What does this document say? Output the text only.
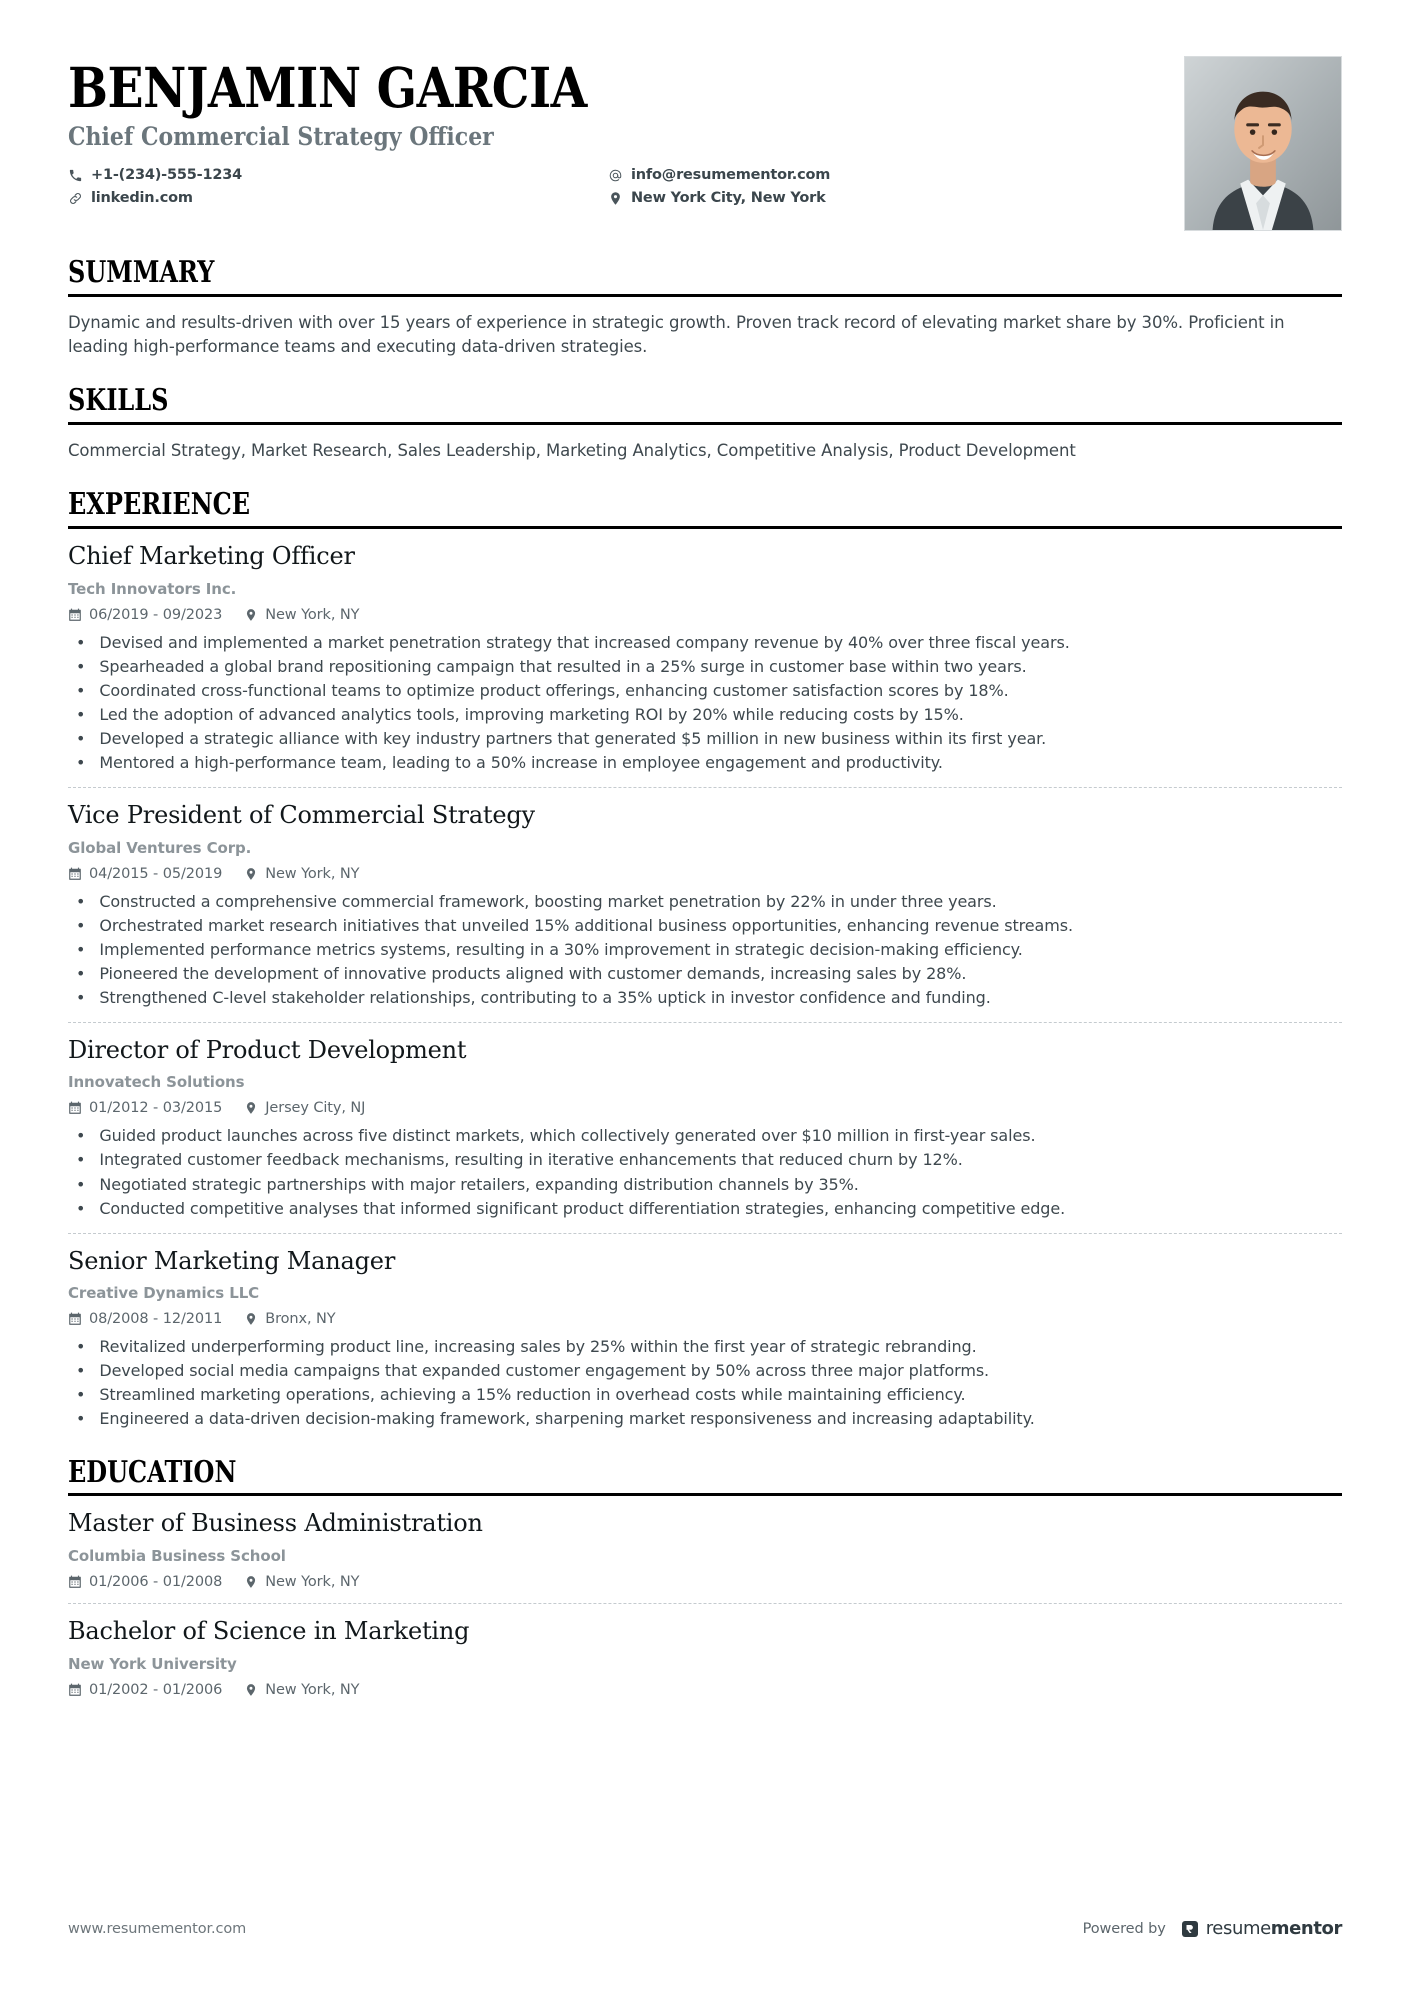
BENJAMIN GARCIA
Chief Commercial Strategy Officer
+1-(234)-555-1234	info@resumementor.com
linkedin.com	New York City, New York
SUMMARY
Dynamic and results-driven with over 15 years of experience in strategic growth. Proven track record of elevating market share by 30%. Proficient in leading high-performance teams and executing data-driven strategies.
SKILLS
Commercial Strategy, Market Research, Sales Leadership, Marketing Analytics, Competitive Analysis, Product Development
EXPERIENCE
Chief Marketing Officer
Tech Innovators Inc.
06/2019 - 09/2023	New York, NY
• Devised and implemented a market penetration strategy that increased company revenue by 40% over three fiscal years.
• Spearheaded a global brand repositioning campaign that resulted in a 25% surge in customer base within two years.
• Coordinated cross-functional teams to optimize product offerings, enhancing customer satisfaction scores by 18%.
• Led the adoption of advanced analytics tools, improving marketing ROI by 20% while reducing costs by 15%.
• Developed a strategic alliance with key industry partners that generated $5 million in new business within its first year.
• Mentored a high-performance team, leading to a 50% increase in employee engagement and productivity.
Vice President of Commercial Strategy
Global Ventures Corp.
04/2015 - 05/2019	New York, NY
• Constructed a comprehensive commercial framework, boosting market penetration by 22% in under three years.
• Orchestrated market research initiatives that unveiled 15% additional business opportunities, enhancing revenue streams.
• Implemented performance metrics systems, resulting in a 30% improvement in strategic decision-making efficiency.
• Pioneered the development of innovative products aligned with customer demands, increasing sales by 28%.
• Strengthened C-level stakeholder relationships, contributing to a 35% uptick in investor confidence and funding.
Director of Product Development
Innovatech Solutions
01/2012 - 03/2015	Jersey City, NJ
• Guided product launches across five distinct markets, which collectively generated over $10 million in first-year sales.
• Integrated customer feedback mechanisms, resulting in iterative enhancements that reduced churn by 12%.
• Negotiated strategic partnerships with major retailers, expanding distribution channels by 35%.
• Conducted competitive analyses that informed significant product differentiation strategies, enhancing competitive edge.
Senior Marketing Manager
Creative Dynamics LLC
08/2008 - 12/2011	Bronx, NY
• Revitalized underperforming product line, increasing sales by 25% within the first year of strategic rebranding.
• Developed social media campaigns that expanded customer engagement by 50% across three major platforms.
• Streamlined marketing operations, achieving a 15% reduction in overhead costs while maintaining efficiency.
• Engineered a data-driven decision-making framework, sharpening market responsiveness and increasing adaptability.
EDUCATION
Master of Business Administration
Columbia Business School
01/2006 - 01/2008	New York, NY
Bachelor of Science in Marketing
New York University
01/2002 - 01/2006	New York, NY
www.resumementor.com	Powered by resumementor
